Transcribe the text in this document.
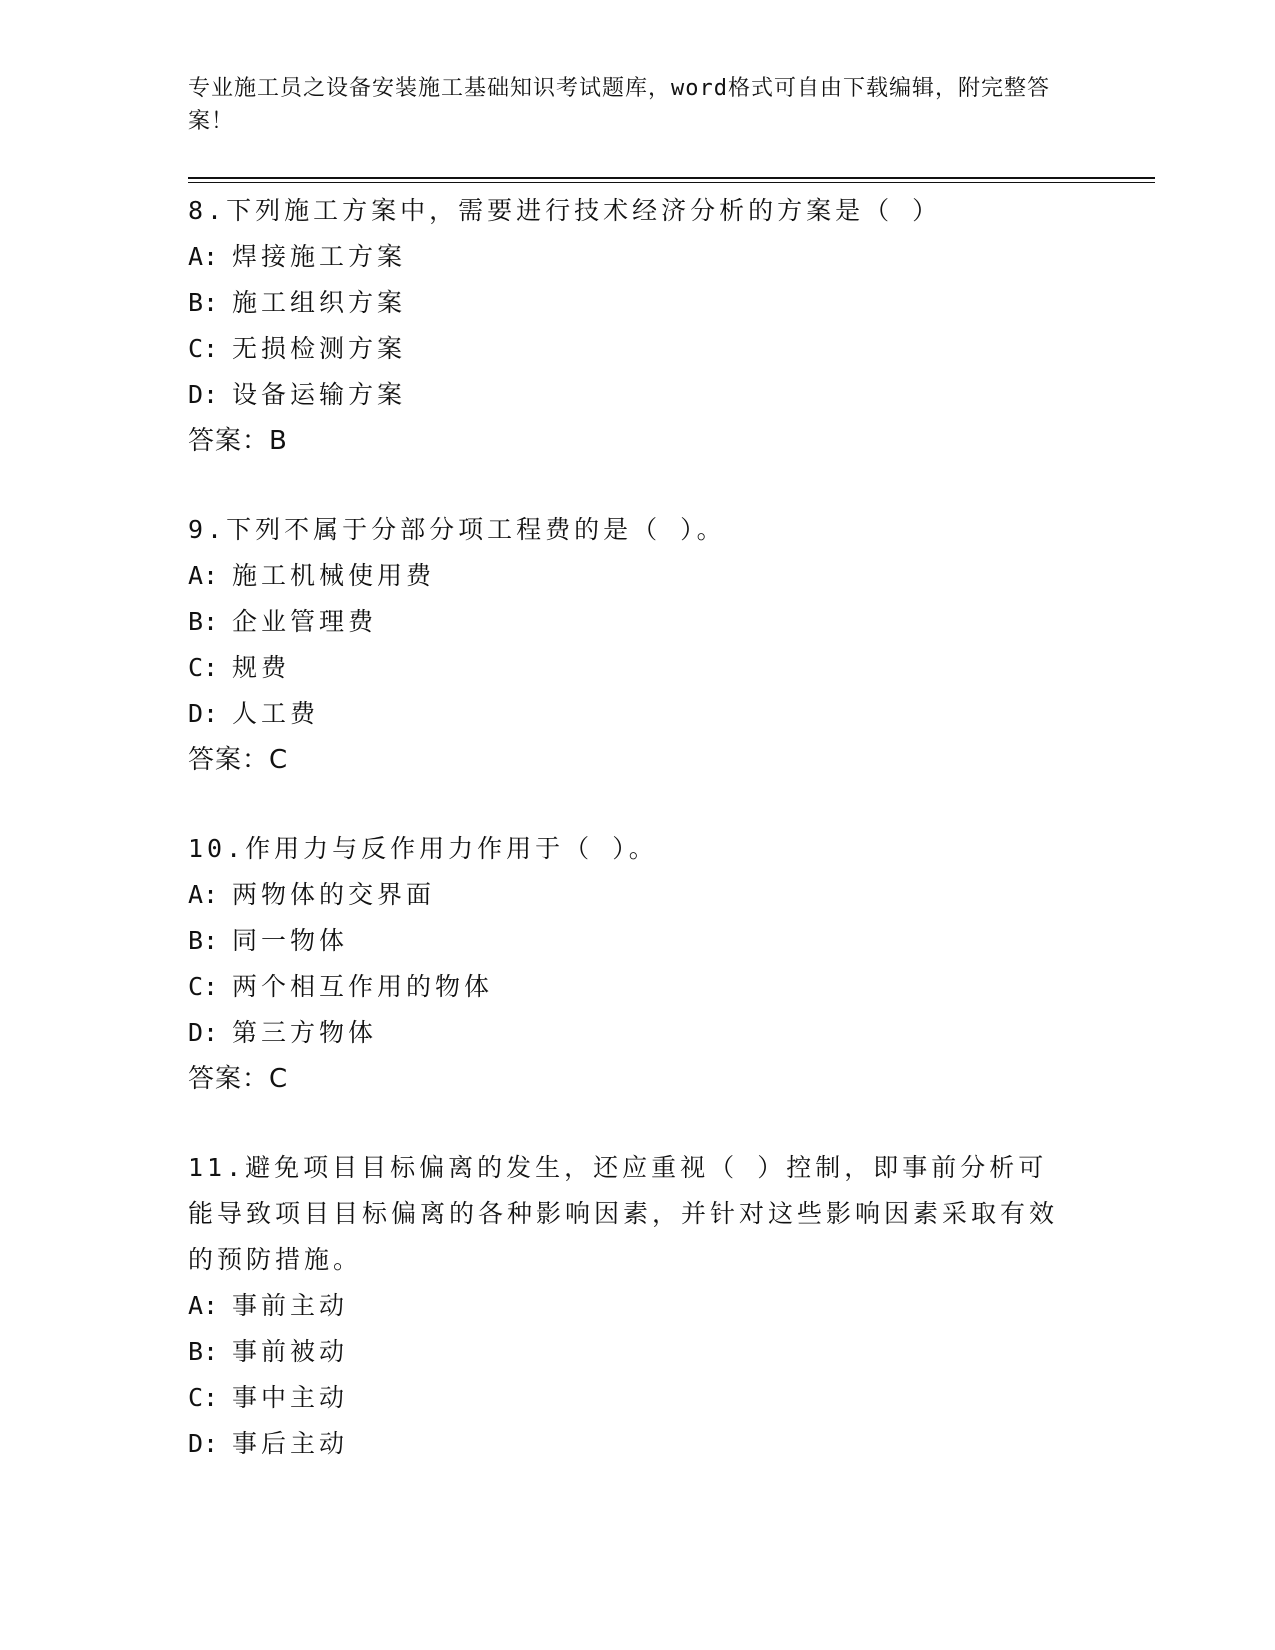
专业施工员之设备安装施工基础知识考试题库，word格式可自由下载编辑，附完整答案！
8.下列施工方案中，需要进行技术经济分析的方案是（ ）
A: 焊接施工方案
B: 施工组织方案
C: 无损检测方案
D: 设备运输方案
答案：B
9.下列不属于分部分项工程费的是（ ）。
A: 施工机械使用费
B: 企业管理费
C: 规费
D: 人工费
答案：C
10.作用力与反作用力作用于（ ）。
A: 两物体的交界面
B: 同一物体
C: 两个相互作用的物体
D: 第三方物体
答案：C
11.避免项目目标偏离的发生，还应重视（ ）控制，即事前分析可能导致项目目标偏离的各种影响因素，并针对这些影响因素采取有效的预防措施。
A: 事前主动
B: 事前被动
C: 事中主动
D: 事后主动
